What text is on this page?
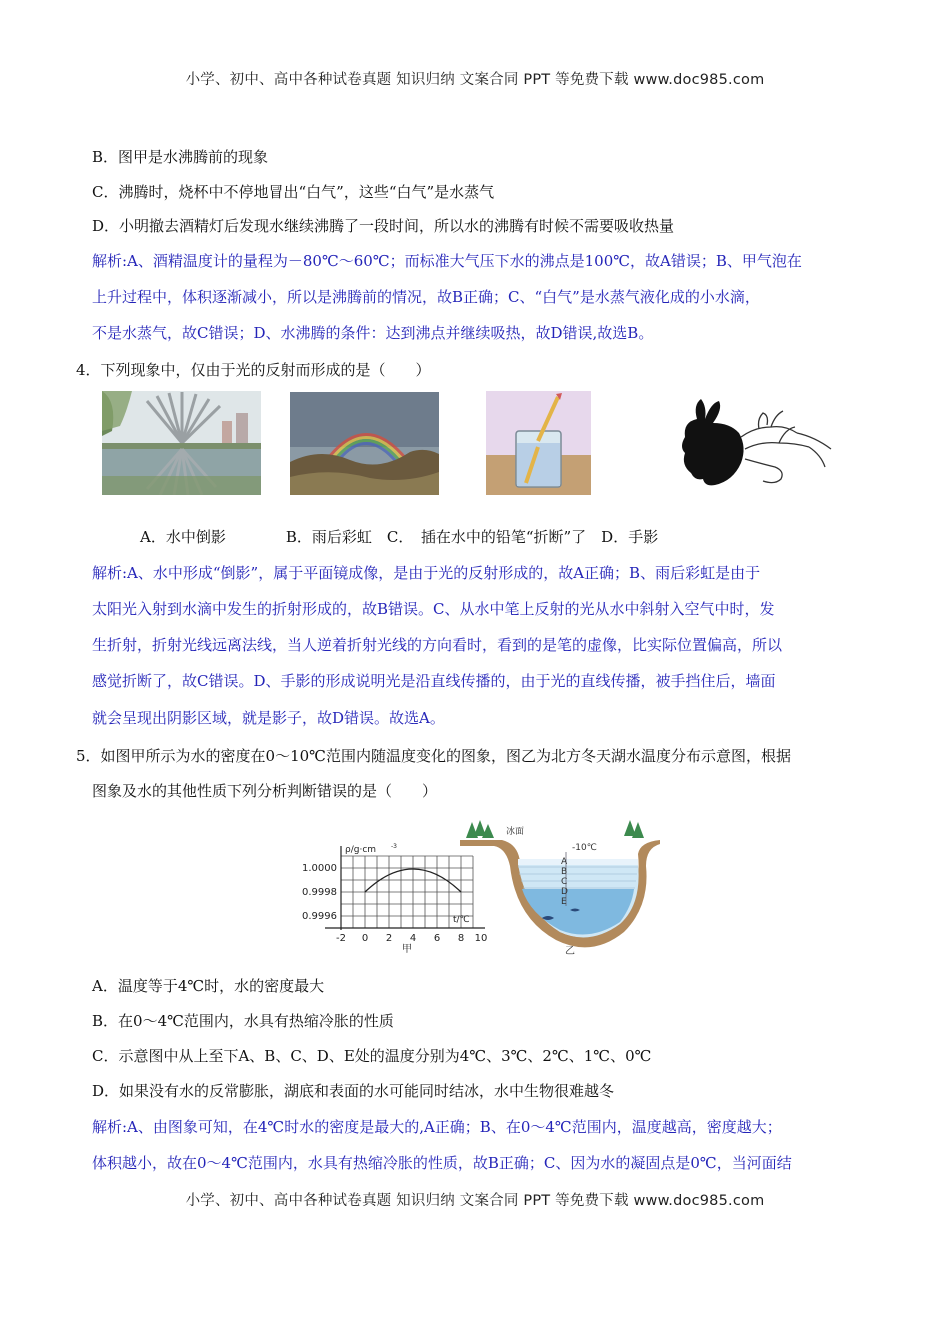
小学、初中、高中各种试卷真题 知识归纳 文案合同 PPT 等免费下载 www.doc985.com
B．图甲是水沸腾前的现象
C．沸腾时，烧杯中不停地冒出“白气”，这些“白气”是水蒸气
D．小明撤去酒精灯后发现水继续沸腾了一段时间，所以水的沸腾有时候不需要吸收热量
解析:A、酒精温度计的量程为－80℃～60℃；而标准大气压下水的沸点是100℃，故A错误；B、甲气泡在
上升过程中，体积逐渐减小，所以是沸腾前的情况，故B正确；C、“白气”是水蒸气液化成的小水滴，
不是水蒸气，故C错误；D、水沸腾的条件：达到沸点并继续吸热，故D错误,故选B。
4．下列现象中，仅由于光的反射而形成的是（　　）
A．水中倒影　　　　B．雨后彩虹　C．　插在水中的铅笔“折断”了　D．手影
解析:A、水中形成“倒影”，属于平面镜成像，是由于光的反射形成的，故A正确；B、雨后彩虹是由于
太阳光入射到水滴中发生的折射形成的，故B错误。C、从水中笔上反射的光从水中斜射入空气中时，发
生折射，折射光线远离法线，当人逆着折射光线的方向看时，看到的是笔的虚像，比实际位置偏高，所以
感觉折断了，故C错误。D、手影的形成说明光是沿直线传播的，由于光的直线传播，被手挡住后，墙面
就会呈现出阴影区域，就是影子，故D错误。故选A。
5．如图甲所示为水的密度在0～10℃范围内随温度变化的图象，图乙为北方冬天湖水温度分布示意图，根据
图象及水的其他性质下列分析判断错误的是（　　）
ρ/g·cm -3
t/℃
1.0000
0.9998
0.9996
-2 0 2 4 6 8 10
甲
冰面
-10℃
A
B
C
D
E
乙
A．温度等于4℃时，水的密度最大
B．在0～4℃范围内，水具有热缩冷胀的性质
C．示意图中从上至下A、B、C、D、E处的温度分别为4℃、3℃、2℃、1℃、0℃
D．如果没有水的反常膨胀，湖底和表面的水可能同时结冰，水中生物很难越冬
解析:A、由图象可知，在4℃时水的密度是最大的,A正确；B、在0～4℃范围内，温度越高，密度越大；
体积越小，故在0～4℃范围内，水具有热缩冷胀的性质，故B正确；C、因为水的凝固点是0℃，当河面结
小学、初中、高中各种试卷真题 知识归纳 文案合同 PPT 等免费下载 www.doc985.com
